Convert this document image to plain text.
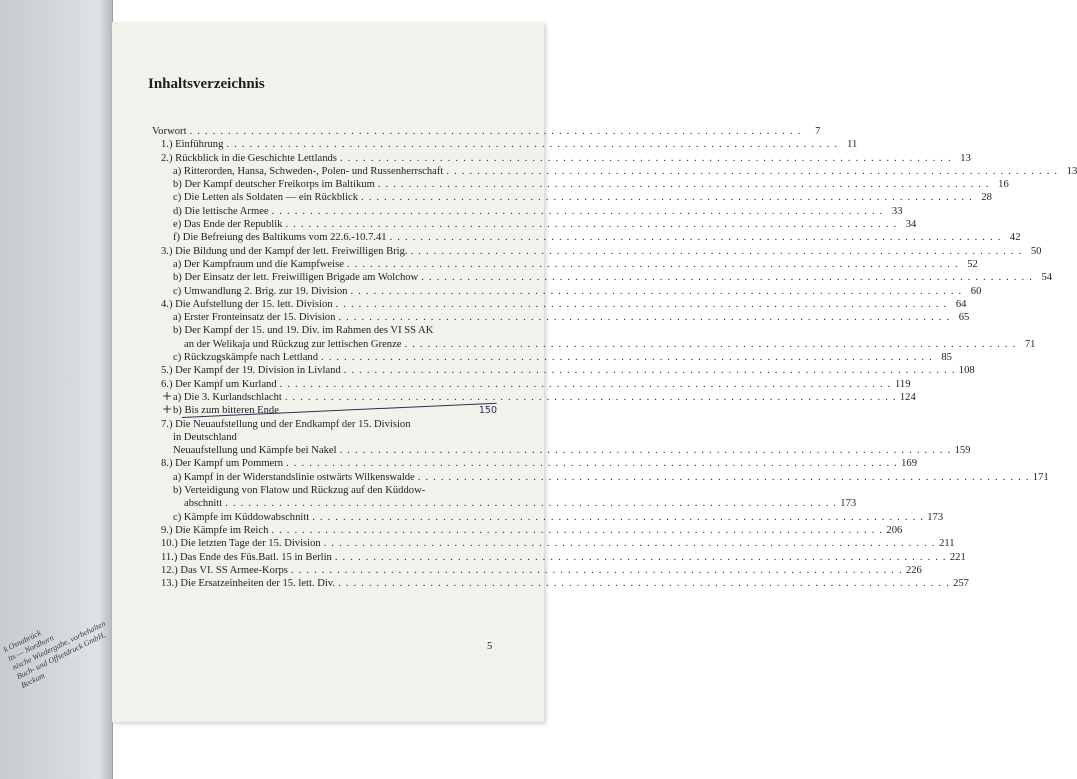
k Osnabrück
its — Nordhorn
nische Wiedergabe, vorbehalten
Buch- und Offsetdruck GmbH, Beckum
Inhaltsverzeichnis
Vorwort . . . . . . . . . . . . . . . . . . . . . . . . . . . . . . . . . . . . . . . . . . . . . . . . . . . . . . . . . . . . . . . . . . . . . . . . . . . . . . . .	7
1.) Einführung . . . . . . . . . . . . . . . . . . . . . . . . . . . . . . . . . . . . . . . . . . . . . . . . . . . . . . . . . . . . . . . . . . . . . . . . . . . . . . . . 11
2.) Rückblick in die Geschichte Lettlands . . . . . . . . . . . . . . . . . . . . . . . . . . . . . . . . . . . . . . . . . . . . . . . . . . . . . . . . . . . . . . . . . . . . . . . . . . . . . . . . 13
a) Ritterorden, Hansa, Schweden-, Polen- und Russenherrschaft . . . . . . . . . . . . . . . . . . . . . . . . . . . . . . . . . . . . . . . . . . . . . . . . . . . . . . . . . . . . . . . . . . . . . . . . . . . . . . . . 13
b) Der Kampf deutscher Freikorps im Baltikum . . . . . . . . . . . . . . . . . . . . . . . . . . . . . . . . . . . . . . . . . . . . . . . . . . . . . . . . . . . . . . . . . . . . . . . . . . . . . . . . 16
c) Die Letten als Soldaten — ein Rückblick . . . . . . . . . . . . . . . . . . . . . . . . . . . . . . . . . . . . . . . . . . . . . . . . . . . . . . . . . . . . . . . . . . . . . . . . . . . . . . . . 28
d) Die lettische Armee . . . . . . . . . . . . . . . . . . . . . . . . . . . . . . . . . . . . . . . . . . . . . . . . . . . . . . . . . . . . . . . . . . . . . . . . . . . . . . . . 33
e) Das Ende der Republik . . . . . . . . . . . . . . . . . . . . . . . . . . . . . . . . . . . . . . . . . . . . . . . . . . . . . . . . . . . . . . . . . . . . . . . . . . . . . . . . 34
f) Die Befreiung des Baltikums vom 22.6.-10.7.41 . . . . . . . . . . . . . . . . . . . . . . . . . . . . . . . . . . . . . . . . . . . . . . . . . . . . . . . . . . . . . . . . . . . . . . . . . . . . . . . . 42
3.) Die Bildung und der Kampf der lett. Freiwilligen Brig. . . . . . . . . . . . . . . . . . . . . . . . . . . . . . . . . . . . . . . . . . . . . . . . . . . . . . . . . . . . . . . . . . . . . . . . . . . . . . . . . 50
a) Der Kampfraum und die Kampfweise . . . . . . . . . . . . . . . . . . . . . . . . . . . . . . . . . . . . . . . . . . . . . . . . . . . . . . . . . . . . . . . . . . . . . . . . . . . . . . . . 52
b) Der Einsatz der lett. Freiwilligen Brigade am Wolchow . . . . . . . . . . . . . . . . . . . . . . . . . . . . . . . . . . . . . . . . . . . . . . . . . . . . . . . . . . . . . . . . . . . . . . . . . . . . . . . . 54
c) Umwandlung 2. Brig. zur 19. Division . . . . . . . . . . . . . . . . . . . . . . . . . . . . . . . . . . . . . . . . . . . . . . . . . . . . . . . . . . . . . . . . . . . . . . . . . . . . . . . . 60
4.) Die Aufstellung der 15. lett. Division . . . . . . . . . . . . . . . . . . . . . . . . . . . . . . . . . . . . . . . . . . . . . . . . . . . . . . . . . . . . . . . . . . . . . . . . . . . . . . . . 64
a) Erster Fronteinsatz der 15. Division . . . . . . . . . . . . . . . . . . . . . . . . . . . . . . . . . . . . . . . . . . . . . . . . . . . . . . . . . . . . . . . . . . . . . . . . . . . . . . . . 65
b) Der Kampf der 15. und 19. Div. im Rahmen des VI SS AK
an der Welikaja und Rückzug zur lettischen Grenze . . . . . . . . . . . . . . . . . . . . . . . . . . . . . . . . . . . . . . . . . . . . . . . . . . . . . . . . . . . . . . . . . . . . . . . . . . . . . . . . 71
c) Rückzugskämpfe nach Lettland . . . . . . . . . . . . . . . . . . . . . . . . . . . . . . . . . . . . . . . . . . . . . . . . . . . . . . . . . . . . . . . . . . . . . . . . . . . . . . . . 85
5.) Der Kampf der 19. Division in Livland . . . . . . . . . . . . . . . . . . . . . . . . . . . . . . . . . . . . . . . . . . . . . . . . . . . . . . . . . . . . . . . . . . . . . . . . . . . . . . . . 108
6.) Der Kampf um Kurland . . . . . . . . . . . . . . . . . . . . . . . . . . . . . . . . . . . . . . . . . . . . . . . . . . . . . . . . . . . . . . . . . . . . . . . . . . . . . . . . 119
+ a) Die 3. Kurlandschlacht . . . . . . . . . . . . . . . . . . . . . . . . . . . . . . . . . . . . . . . . . . . . . . . . . . . . . . . . . . . . . . . . . . . . . . . . . . . . . . . . 124
+ b) Bis zum bitteren Ende	150
7.) Die Neuaufstellung und der Endkampf der 15. Division
in Deutschland
Neuaufstellung und Kämpfe bei Nakel . . . . . . . . . . . . . . . . . . . . . . . . . . . . . . . . . . . . . . . . . . . . . . . . . . . . . . . . . . . . . . . . . . . . . . . . . . . . . . . . 159
8.) Der Kampf um Pommern . . . . . . . . . . . . . . . . . . . . . . . . . . . . . . . . . . . . . . . . . . . . . . . . . . . . . . . . . . . . . . . . . . . . . . . . . . . . . . . . 169
a) Kampf in der Widerstandslinie ostwärts Wilkenswalde . . . . . . . . . . . . . . . . . . . . . . . . . . . . . . . . . . . . . . . . . . . . . . . . . . . . . . . . . . . . . . . . . . . . . . . . . . . . . . . . 171
b) Verteidigung von Flatow und Rückzug auf den Küddow-
abschnitt . . . . . . . . . . . . . . . . . . . . . . . . . . . . . . . . . . . . . . . . . . . . . . . . . . . . . . . . . . . . . . . . . . . . . . . . . . . . . . . . 173
c) Kämpfe im Küddowabschnitt . . . . . . . . . . . . . . . . . . . . . . . . . . . . . . . . . . . . . . . . . . . . . . . . . . . . . . . . . . . . . . . . . . . . . . . . . . . . . . . . 173
9.) Die Kämpfe im Reich . . . . . . . . . . . . . . . . . . . . . . . . . . . . . . . . . . . . . . . . . . . . . . . . . . . . . . . . . . . . . . . . . . . . . . . . . . . . . . . . 206
10.) Die letzten Tage der 15. Division . . . . . . . . . . . . . . . . . . . . . . . . . . . . . . . . . . . . . . . . . . . . . . . . . . . . . . . . . . . . . . . . . . . . . . . . . . . . . . . . 211
11.) Das Ende des Füs.Batl. 15 in Berlin . . . . . . . . . . . . . . . . . . . . . . . . . . . . . . . . . . . . . . . . . . . . . . . . . . . . . . . . . . . . . . . . . . . . . . . . . . . . . . . . 221
12.) Das VI. SS Armee-Korps . . . . . . . . . . . . . . . . . . . . . . . . . . . . . . . . . . . . . . . . . . . . . . . . . . . . . . . . . . . . . . . . . . . . . . . . . . . . . . . . 226
13.) Die Ersatzeinheiten der 15. lett. Div. . . . . . . . . . . . . . . . . . . . . . . . . . . . . . . . . . . . . . . . . . . . . . . . . . . . . . . . . . . . . . . . . . . . . . . . . . . . . . . . . 257
5
